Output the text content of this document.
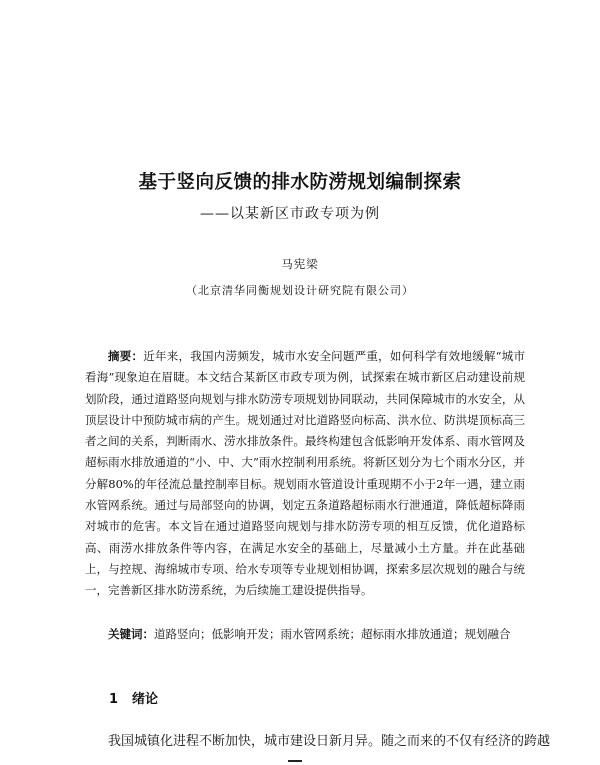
基于竖向反馈的排水防涝规划编制探索
——以某新区市政专项为例
马宪梁
（北京清华同衡规划设计研究院有限公司）

摘要：近年来，我国内涝频发，城市水安全问题严重，如何科学有效地缓解“城市看海”现象迫在眉睫。本文结合某新区市政专项为例，试探索在城市新区启动建设前规划阶段，通过道路竖向规划与排水防涝专项规划协同联动，共同保障城市的水安全，从顶层设计中预防城市病的产生。规划通过对比道路竖向标高、洪水位、防洪堤顶标高三者之间的关系，判断雨水、涝水排放条件。最终构建包含低影响开发体系、雨水管网及超标雨水排放通道的“小、中、大”雨水控制利用系统。将新区划分为七个雨水分区，并分解80%的年径流总量控制率目标。规划雨水管道设计重现期不小于2年一遇，建立雨水管网系统。通过与局部竖向的协调，划定五条道路超标雨水行泄通道，降低超标降雨对城市的危害。本文旨在通过道路竖向规划与排水防涝专项的相互反馈，优化道路标高、雨涝水排放条件等内容，在满足水安全的基础上，尽量减小土方量。并在此基础上，与控规、海绵城市专项、给水专项等专业规划相协调，探索多层次规划的融合与统一，完善新区排水防涝系统，为后续施工建设提供指导。

关键词：道路竖向；低影响开发；雨水管网系统；超标雨水排放通道；规划融合
1 绪论

我国城镇化进程不断加快，城市建设日新月异。随之而来的不仅有经济的跨越
